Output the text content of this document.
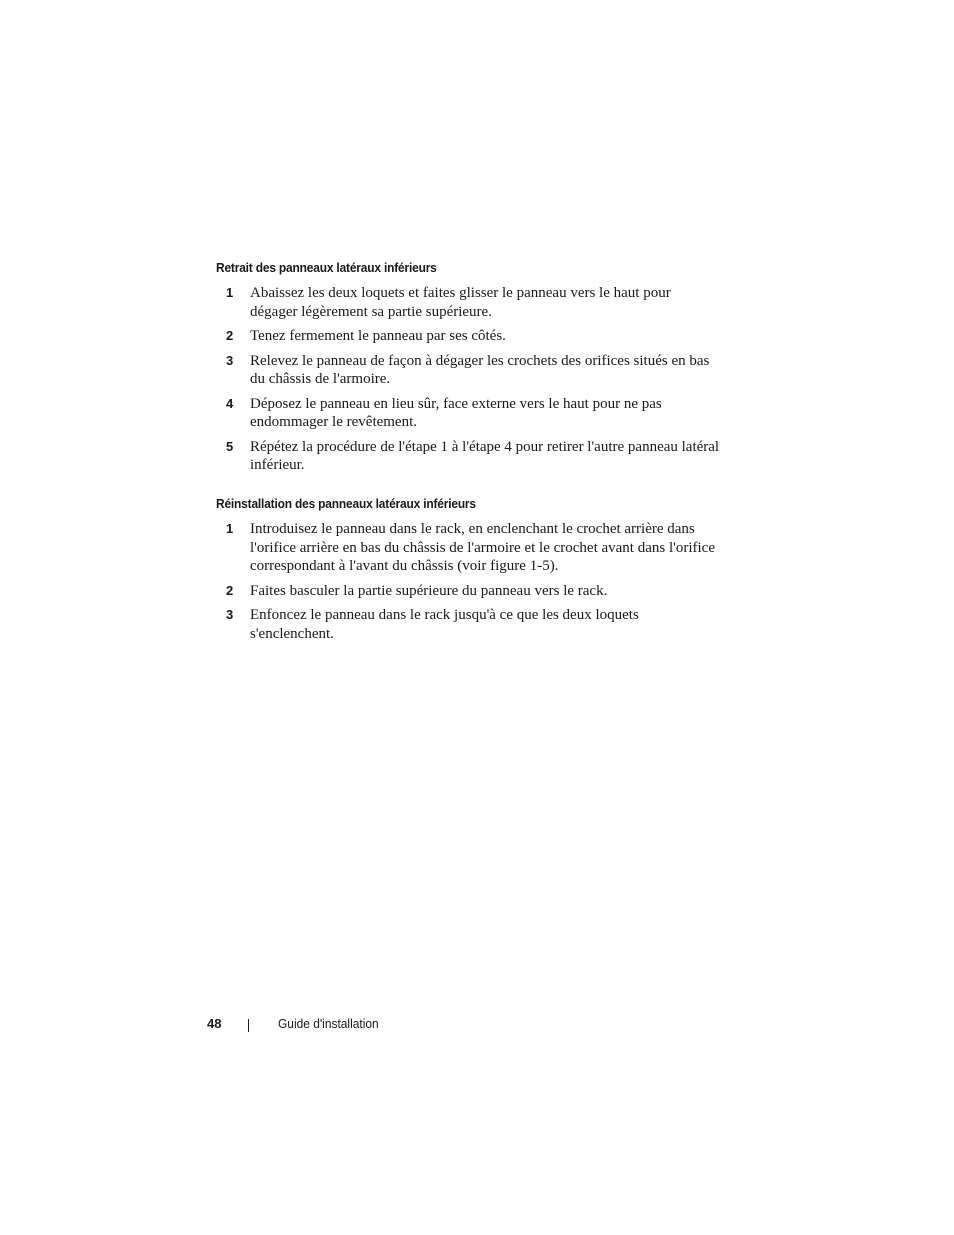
Retrait des panneaux latéraux inférieurs
1 Abaissez les deux loquets et faites glisser le panneau vers le haut pour dégager légèrement sa partie supérieure.
2 Tenez fermement le panneau par ses côtés.
3 Relevez le panneau de façon à dégager les crochets des orifices situés en bas du châssis de l'armoire.
4 Déposez le panneau en lieu sûr, face externe vers le haut pour ne pas endommager le revêtement.
5 Répétez la procédure de l'étape 1 à l'étape 4 pour retirer l'autre panneau latéral inférieur.
Réinstallation des panneaux latéraux inférieurs
1 Introduisez le panneau dans le rack, en enclenchant le crochet arrière dans l'orifice arrière en bas du châssis de l'armoire et le crochet avant dans l'orifice correspondant à l'avant du châssis (voir figure 1-5).
2 Faites basculer la partie supérieure du panneau vers le rack.
3 Enfoncez le panneau dans le rack jusqu'à ce que les deux loquets s'enclenchent.
48	Guide d'installation
